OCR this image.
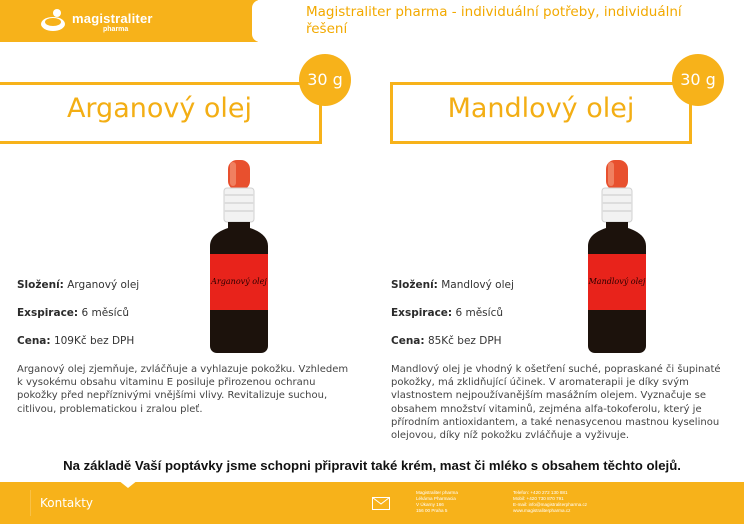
magistraliter
pharma
Magistraliter pharma - individuální potřeby, individuální řešení
Arganový olej
30 g
Arganový olej
Složení: Arganový olej
Exspirace: 6 měsíců
Cena: 109Kč bez DPH
Arganový olej zjemňuje, zvláčňuje a vyhlazuje pokožku. Vzhledem k vysokému obsahu vitaminu E posiluje přirozenou ochranu pokožky před nepříznivými vnějšími vlivy. Revitalizuje suchou, citlivou, problematickou i zralou pleť.
Mandlový olej
30 g
Mandlový olej
Složení: Mandlový olej
Exspirace: 6 měsíců
Cena: 85Kč bez DPH
Mandlový olej je vhodný k ošetření suché, popraskané či šupinaté pokožky, má zklidňující účinek. V aromaterapii je díky svým vlastnostem nejpoužívanějším masážním olejem. Vyznačuje se obsahem množství vitaminů, zejména alfa-tokoferolu, který je přírodním antioxidantem, a také nenasycenou mastnou kyselinou olejovou, díky níž pokožku zvláčňuje a vyživuje.
Na základě Vaší poptávky jsme schopni připravit také krém, mast či mléko s obsahem těchto olejů.
Kontakty
Magistraliter pharma
Lékárna Pharmacia
V Úkarny 166
156 00 Praha 5
Telefon: +420 272 130 881
Mobil: +420 730 870 791
E-mail: info@magistraliterpharma.cz
www.magistraliterpharma.cz
